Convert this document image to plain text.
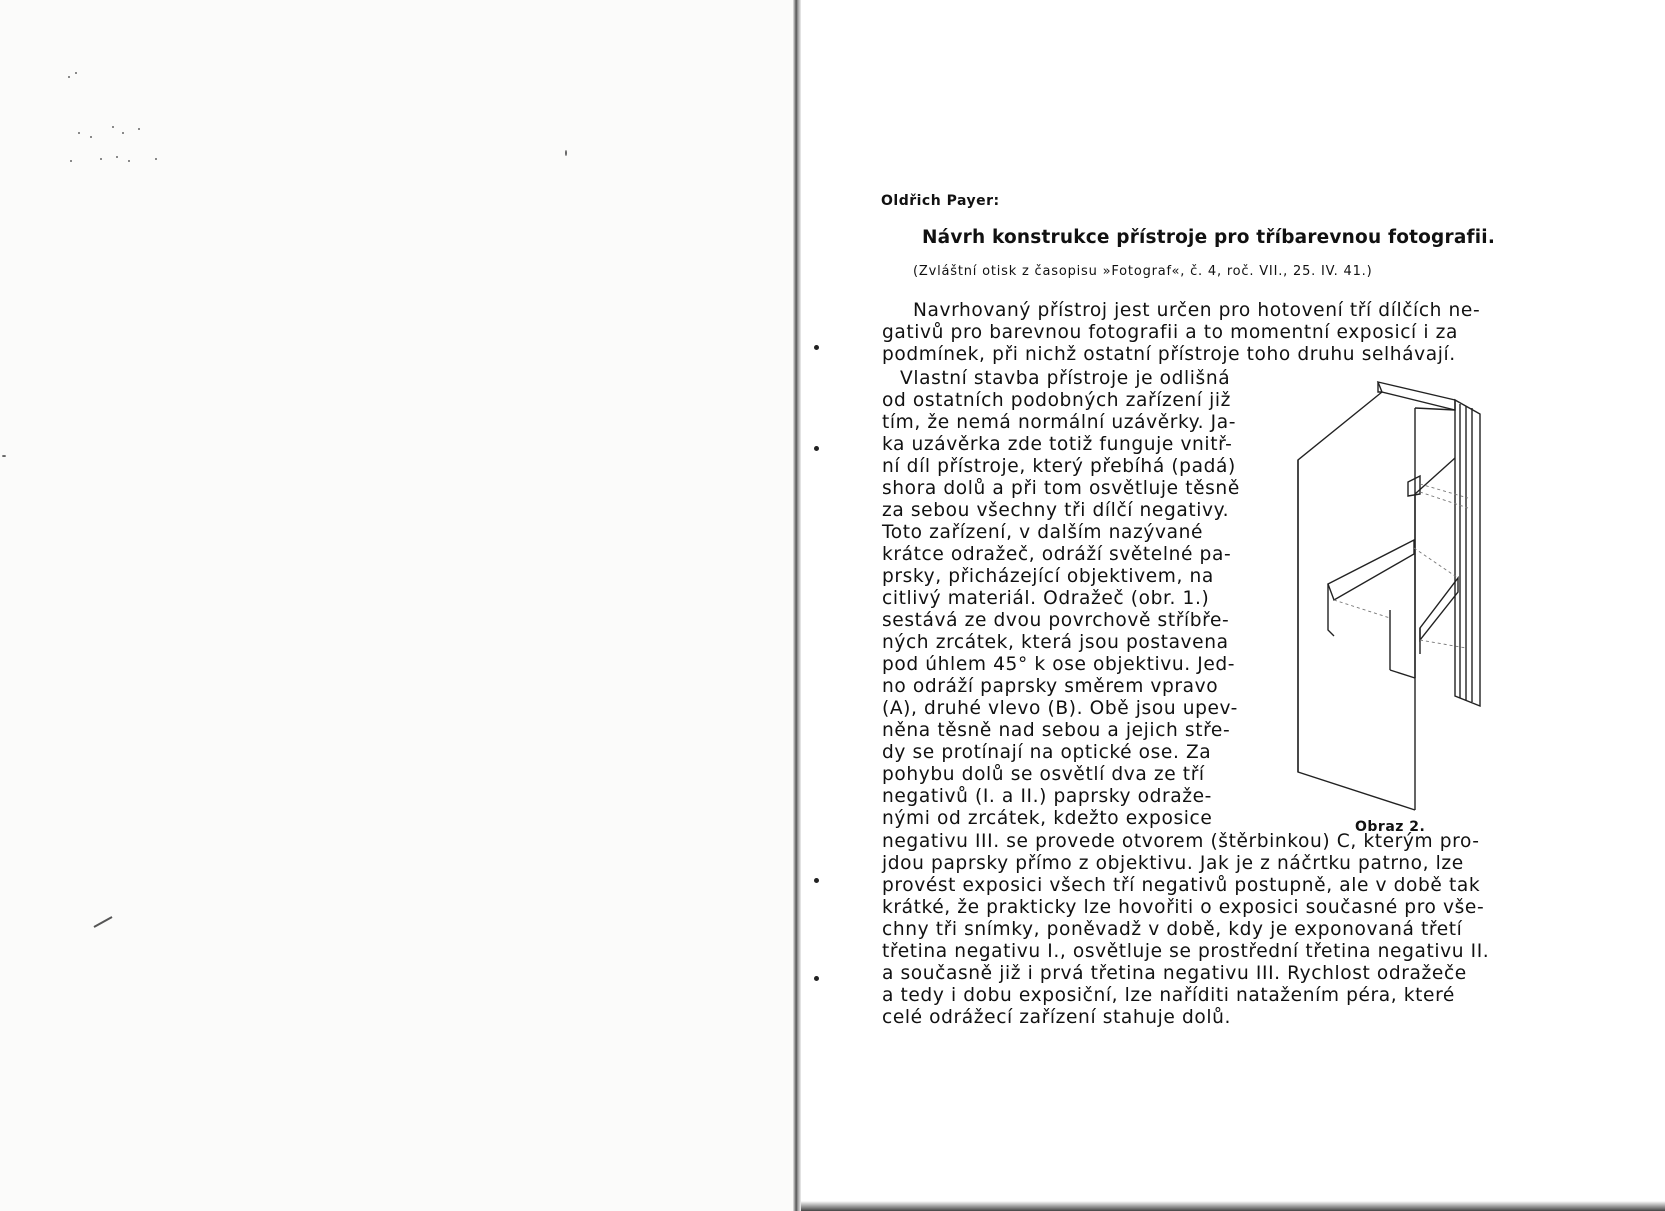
Oldřich Payer:
Návrh konstrukce přístroje pro tříbarevnou fotografii.
(Zvláštní otisk z časopisu »Fotograf«, č. 4, roč. VII., 25. IV. 41.)
Navrhovaný přístroj jest určen pro hotovení tří dílčích ne-
gativů pro barevnou fotografii a to momentní exposicí i za
podmínek, při nichž ostatní přístroje toho druhu selhávají.
Vlastní stavba přístroje je odlišná
od ostatních podobných zařízení již
tím, že nemá normální uzávěrky. Ja-
ka uzávěrka zde totiž funguje vnitř-
ní díl přístroje, který přebíhá (padá)
shora dolů a při tom osvětluje těsně
za sebou všechny tři dílčí negativy.
Toto zařízení, v dalším nazývané
krátce odražeč, odráží světelné pa-
prsky, přicházející objektivem, na
citlivý materiál. Odražeč (obr. 1.)
sestává ze dvou povrchově stříbře-
ných zrcátek, která jsou postavena
pod úhlem 45° k ose objektivu. Jed-
no odráží paprsky směrem vpravo
(A), druhé vlevo (B). Obě jsou upev-
něna těsně nad sebou a jejich stře-
dy se protínají na optické ose. Za
pohybu dolů se osvětlí dva ze tří
negativů (I. a II.) paprsky odraže-
nými od zrcátek, kdežto exposice
negativu III. se provede otvorem (štěrbinkou) C, kterým pro-
jdou paprsky přímo z objektivu. Jak je z náčrtku patrno, lze
provést exposici všech tří negativů postupně, ale v době tak
krátké, že prakticky lze hovořiti o exposici současné pro vše-
chny tři snímky, poněvadž v době, kdy je exponovaná třetí
třetina negativu I., osvětluje se prostřední třetina negativu II.
a současně již i prvá třetina negativu III. Rychlost odražeče
a tedy i dobu exposiční, lze naříditi natažením péra, které
celé odrážecí zařízení stahuje dolů.
Obraz 2.
